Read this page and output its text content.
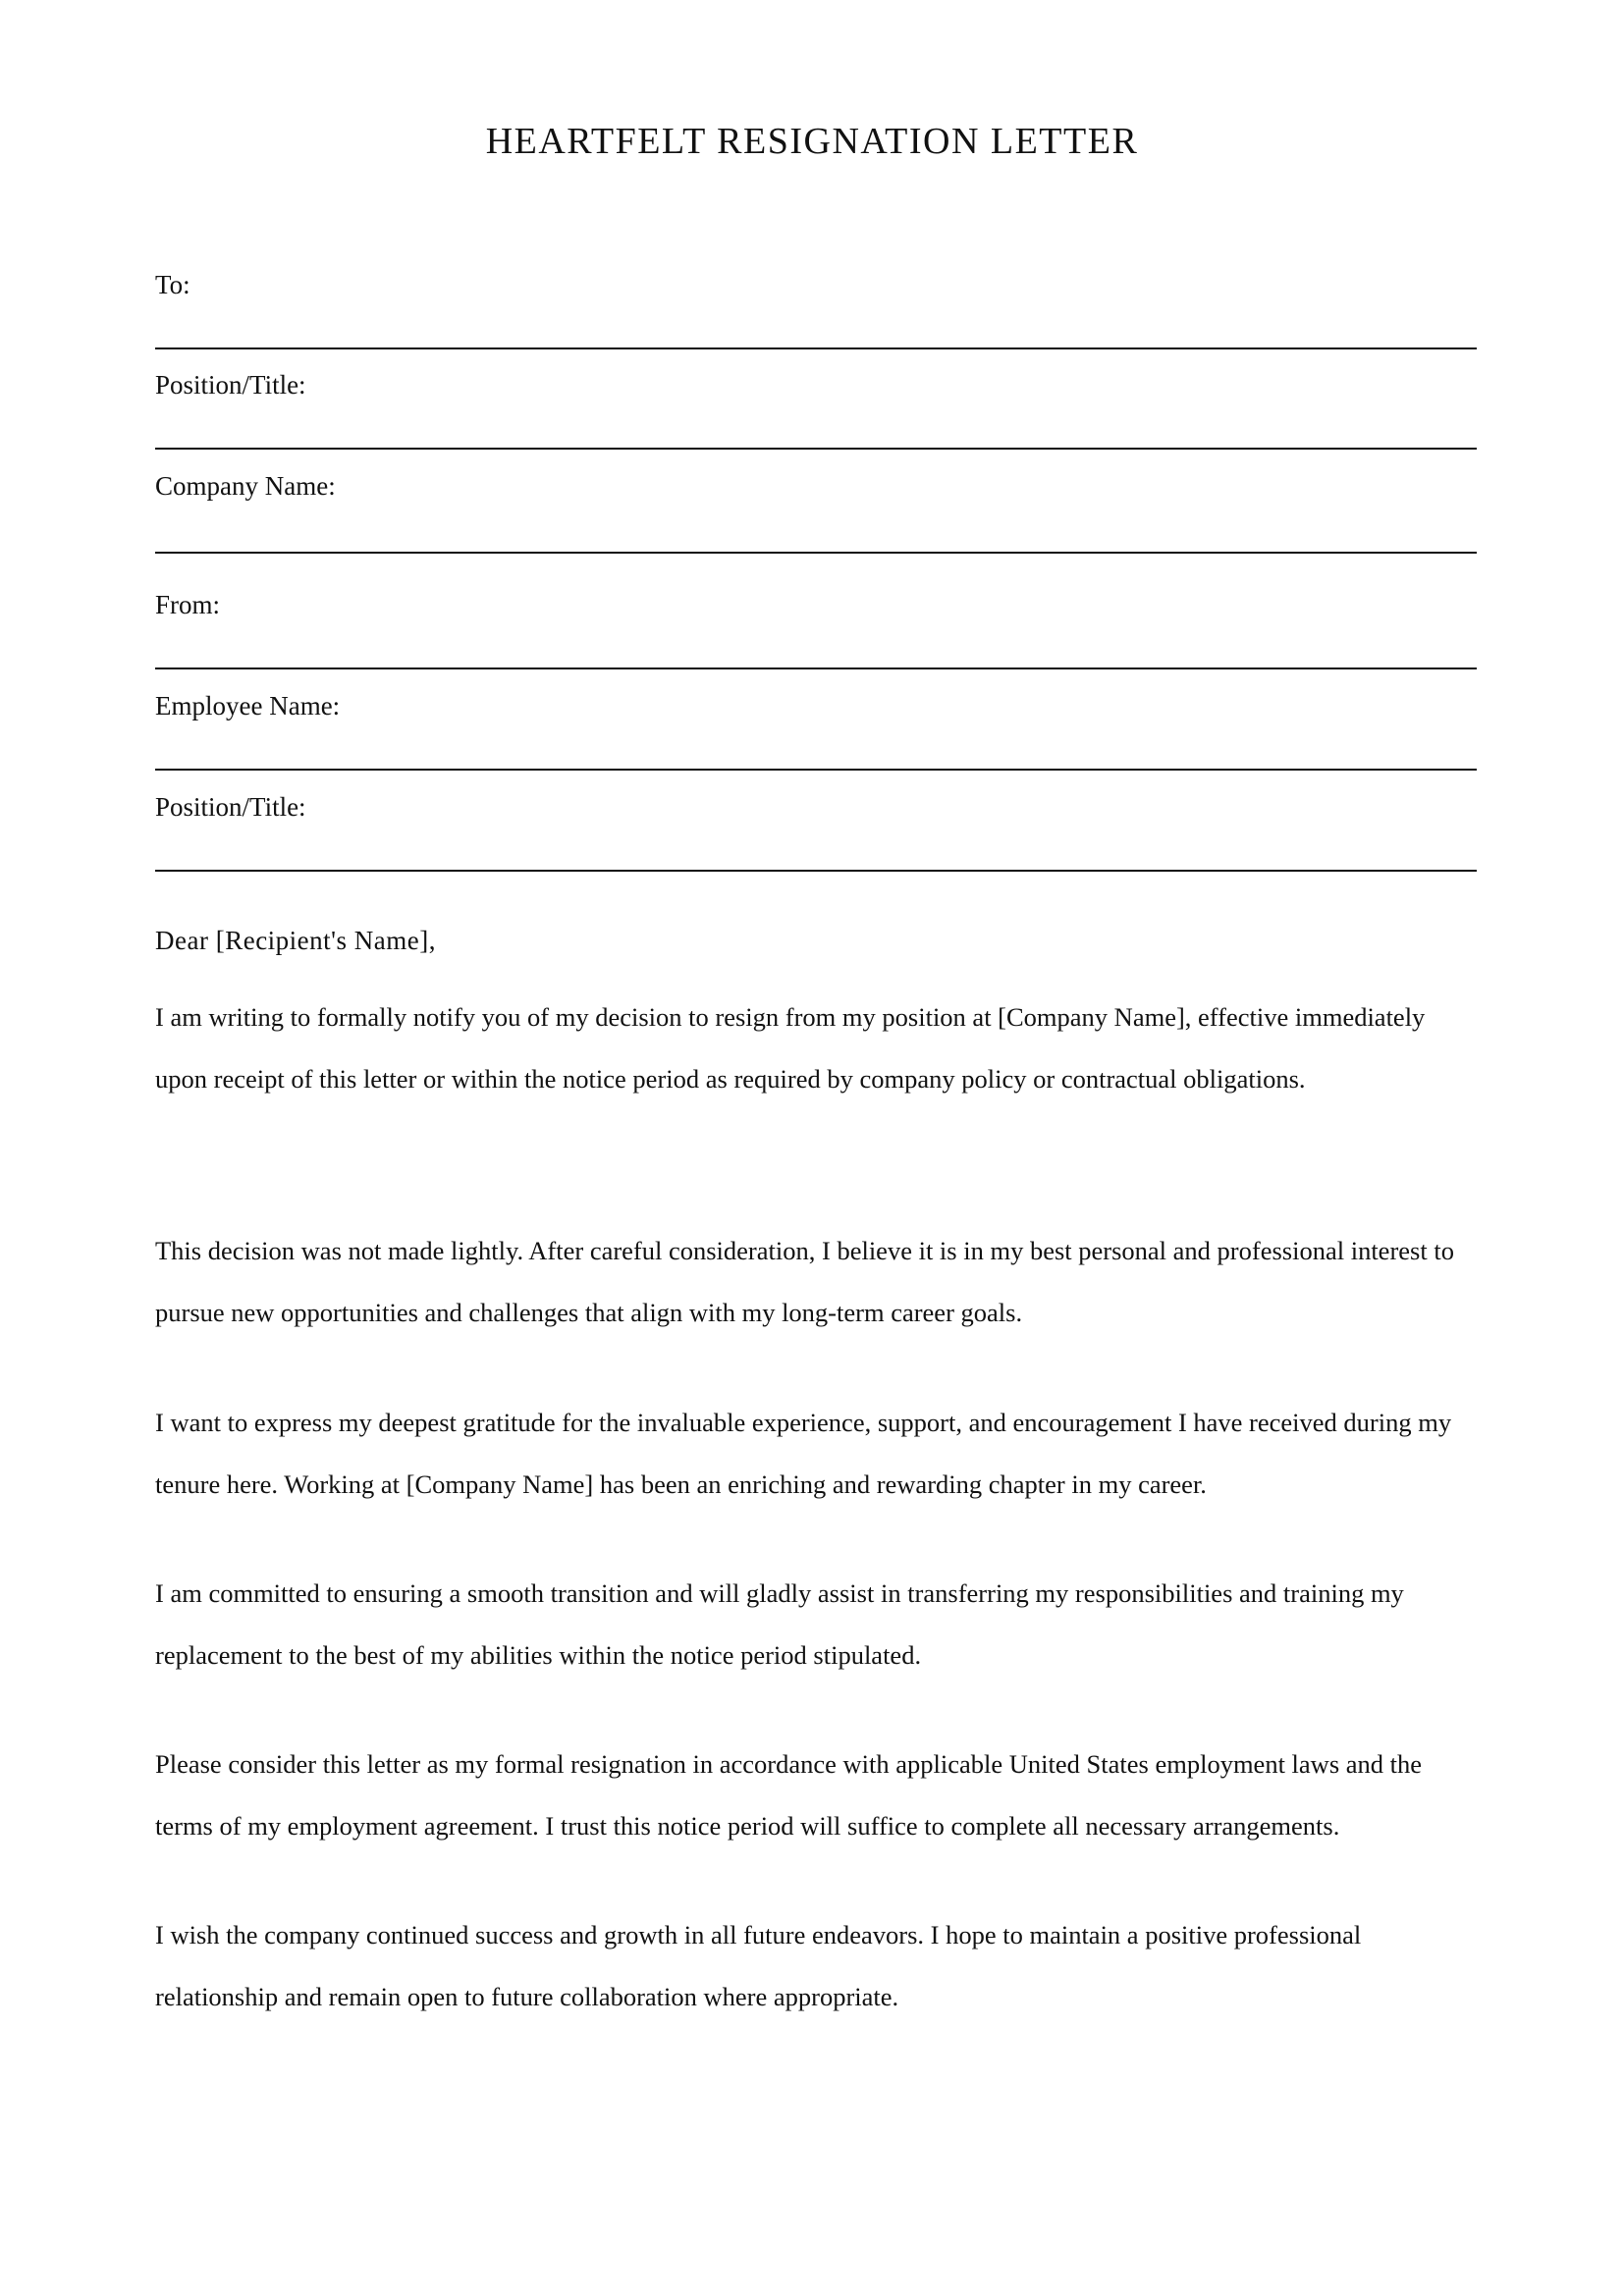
HEARTFELT RESIGNATION LETTER
To:
Position/Title:
Company Name:
From:
Employee Name:
Position/Title:
Dear [Recipient's Name],
I am writing to formally notify you of my decision to resign from my position at [Company Name], effective immediately upon receipt of this letter or within the notice period as required by company policy or contractual obligations.
This decision was not made lightly. After careful consideration, I believe it is in my best personal and professional interest to pursue new opportunities and challenges that align with my long-term career goals.
I want to express my deepest gratitude for the invaluable experience, support, and encouragement I have received during my tenure here. Working at [Company Name] has been an enriching and rewarding chapter in my career.
I am committed to ensuring a smooth transition and will gladly assist in transferring my responsibilities and training my replacement to the best of my abilities within the notice period stipulated.
Please consider this letter as my formal resignation in accordance with applicable United States employment laws and the terms of my employment agreement. I trust this notice period will suffice to complete all necessary arrangements.
I wish the company continued success and growth in all future endeavors. I hope to maintain a positive professional relationship and remain open to future collaboration where appropriate.
